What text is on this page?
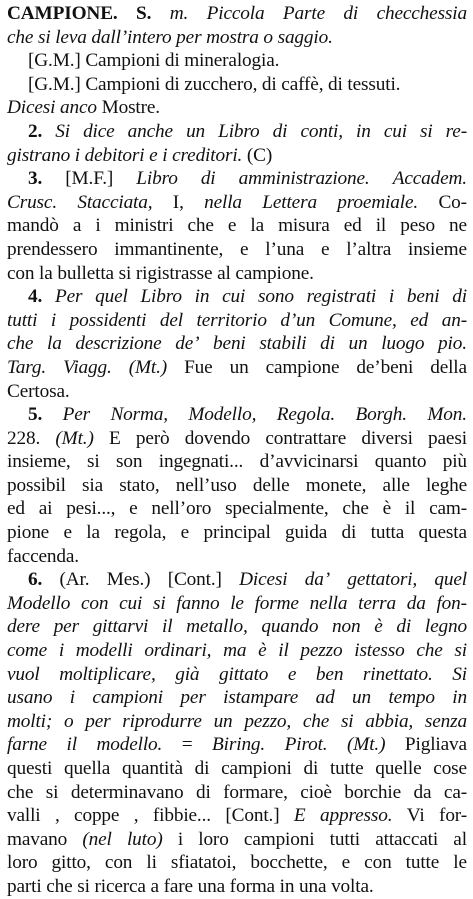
CAMPIONE. S. m. Piccola Parte di checchessia
che si leva dall’intero per mostra o saggio.
[G.M.] Campioni di mineralogia.
[G.M.] Campioni di zucchero, di caffè, di tessuti.
Dicesi anco Mostre.
2. Si dice anche un Libro di conti, in cui si re-
gistrano i debitori e i creditori. (C)
3. [M.F.] Libro di amministrazione. Accadem.
Crusc. Stacciata, I, nella Lettera proemiale. Co-
mandò a i ministri che e la misura ed il peso ne
prendessero immantinente, e l’una e l’altra insieme
con la bulletta si rigistrasse al campione.
4. Per quel Libro in cui sono registrati i beni di
tutti i possidenti del territorio d’un Comune, ed an-
che la descrizione de’ beni stabili di un luogo pio.
Targ. Viagg. (Mt.) Fue un campione de’beni della
Certosa.
5. Per Norma, Modello, Regola. Borgh. Mon.
228. (Mt.) E però dovendo contrattare diversi paesi
insieme, si son ingegnati... d’avvicinarsi quanto più
possibil sia stato, nell’uso delle monete, alle leghe
ed ai pesi..., e nell’oro specialmente, che è il cam-
pione e la regola, e principal guida di tutta questa
faccenda.
6. (Ar. Mes.) [Cont.] Dicesi da’ gettatori, quel
Modello con cui si fanno le forme nella terra da fon-
dere per gittarvi il metallo, quando non è di legno
come i modelli ordinari, ma è il pezzo istesso che si
vuol moltiplicare, già gittato e ben rinettato. Si
usano i campioni per istampare ad un tempo in
molti; o per riprodurre un pezzo, che si abbia, senza
farne il modello. = Biring. Pirot. (Mt.) Pigliava
questi quella quantità di campioni di tutte quelle cose
che si determinavano di formare, cioè borchie da ca-
valli , coppe , fibbie... [Cont.] E appresso. Vi for-
mavano (nel luto) i loro campioni tutti attaccati al
loro gitto, con li sfiatatoi, bocchette, e con tutte le
parti che si ricerca a fare una forma in una volta.
